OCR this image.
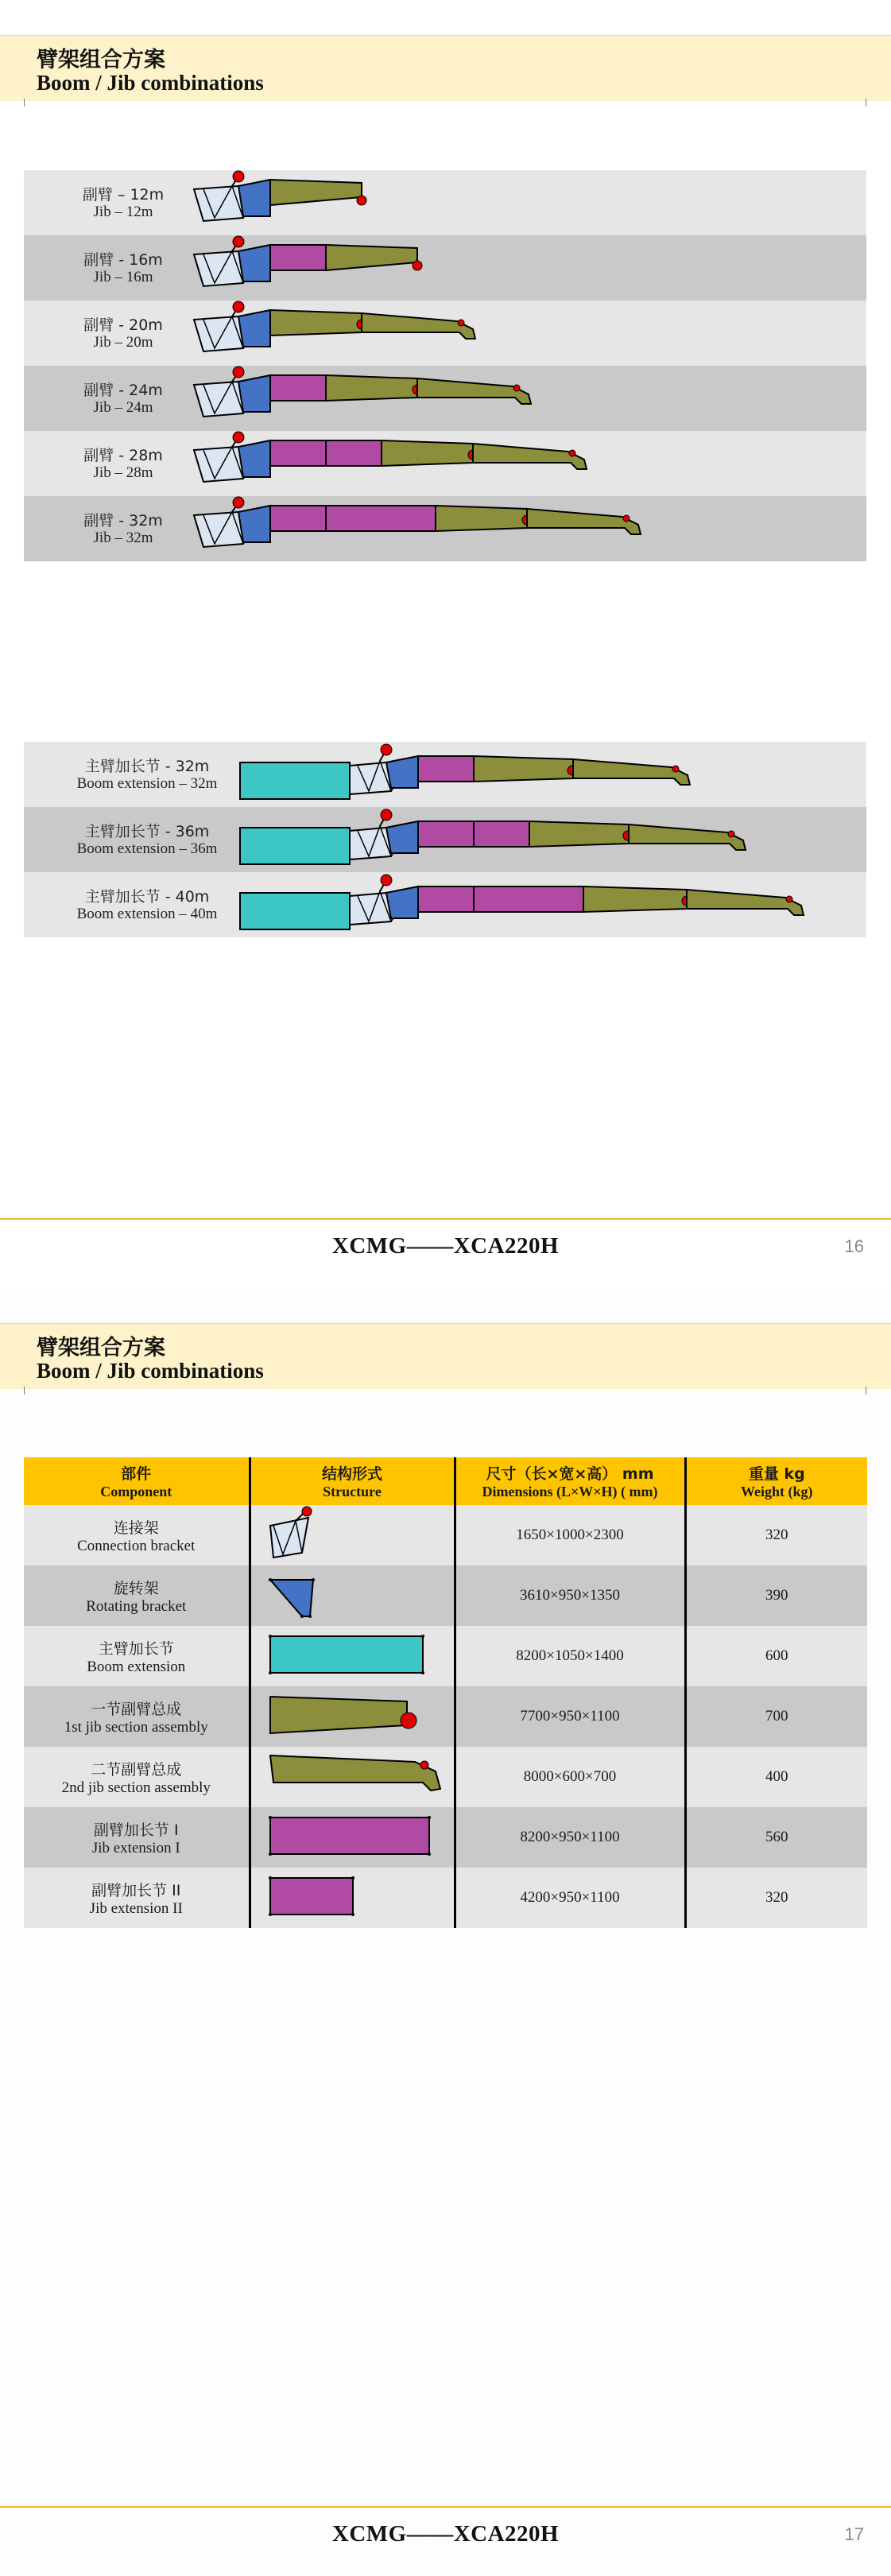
臂架组合方案
Boom / Jib combinations
副臂 – 12m
Jib – 12m
副臂 - 16m
Jib – 16m
副臂 - 20m
Jib – 20m
副臂 - 24m
Jib – 24m
副臂 - 28m
Jib – 28m
副臂 - 32m
Jib – 32m
主臂加长节 - 32m
Boom extension – 32m
主臂加长节 - 36m
Boom extension – 36m
主臂加长节 - 40m
Boom extension – 40m
XCMG——XCA220H	16
臂架组合方案
Boom / Jib combinations
部件
Component	结构形式
Structure	尺寸（长×宽×高） mm
Dimensions (L×W×H) ( mm)	重量 kg
Weight (kg)

连接架
Connection bracket		1650×1000×2300	320

旋转架
Rotating bracket		3610×950×1350	390

主臂加长节
Boom extension		8200×1050×1400	600

一节副臂总成
1st jib section assembly		7700×950×1100	700

二节副臂总成
2nd jib section assembly		8000×600×700	400

副臂加长节 I
Jib extension I		8200×950×1100	560

副臂加长节 II
Jib extension II		4200×950×1100	320
XCMG——XCA220H	17
